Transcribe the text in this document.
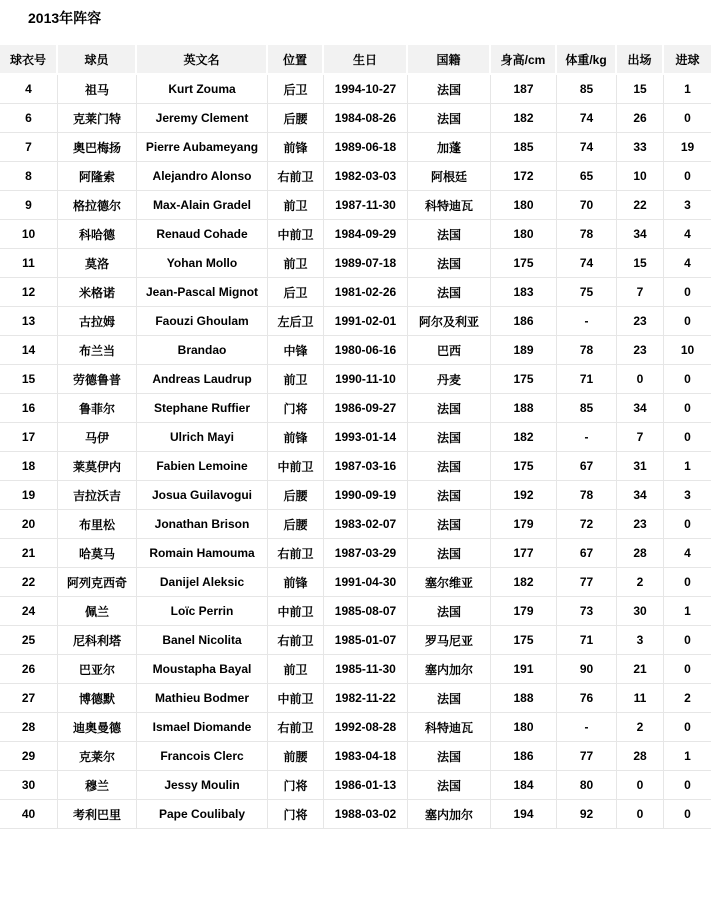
2013年阵容
球衣号	球员	英文名	位置	生日	国籍	身高/cm	体重/kg	出场	进球
4	祖马	Kurt Zouma	后卫	1994-10-27	法国	187	85	15	1
6	克莱门特	Jeremy Clement	后腰	1984-08-26	法国	182	74	26	0
7	奥巴梅扬	Pierre Aubameyang	前锋	1989-06-18	加蓬	185	74	33	19
8	阿隆索	Alejandro Alonso	右前卫	1982-03-03	阿根廷	172	65	10	0
9	格拉德尔	Max-Alain Gradel	前卫	1987-11-30	科特迪瓦	180	70	22	3
10	科哈德	Renaud Cohade	中前卫	1984-09-29	法国	180	78	34	4
11	莫洛	Yohan Mollo	前卫	1989-07-18	法国	175	74	15	4
12	米格诺	Jean-Pascal Mignot	后卫	1981-02-26	法国	183	75	7	0
13	古拉姆	Faouzi Ghoulam	左后卫	1991-02-01	阿尔及利亚	186	-	23	0
14	布兰当	Brandao	中锋	1980-06-16	巴西	189	78	23	10
15	劳德鲁普	Andreas Laudrup	前卫	1990-11-10	丹麦	175	71	0	0
16	鲁菲尔	Stephane Ruffier	门将	1986-09-27	法国	188	85	34	0
17	马伊	Ulrich Mayi	前锋	1993-01-14	法国	182	-	7	0
18	莱莫伊内	Fabien Lemoine	中前卫	1987-03-16	法国	175	67	31	1
19	吉拉沃吉	Josua Guilavogui	后腰	1990-09-19	法国	192	78	34	3
20	布里松	Jonathan Brison	后腰	1983-02-07	法国	179	72	23	0
21	哈莫马	Romain Hamouma	右前卫	1987-03-29	法国	177	67	28	4
22	阿列克西奇	Danijel Aleksic	前锋	1991-04-30	塞尔维亚	182	77	2	0
24	佩兰	Loïc Perrin	中前卫	1985-08-07	法国	179	73	30	1
25	尼科利塔	Banel Nicolita	右前卫	1985-01-07	罗马尼亚	175	71	3	0
26	巴亚尔	Moustapha Bayal	前卫	1985-11-30	塞内加尔	191	90	21	0
27	博德默	Mathieu Bodmer	中前卫	1982-11-22	法国	188	76	11	2
28	迪奥曼德	Ismael Diomande	右前卫	1992-08-28	科特迪瓦	180	-	2	0
29	克莱尔	Francois Clerc	前腰	1983-04-18	法国	186	77	28	1
30	穆兰	Jessy Moulin	门将	1986-01-13	法国	184	80	0	0
40	考利巴里	Pape Coulibaly	门将	1988-03-02	塞内加尔	194	92	0	0
